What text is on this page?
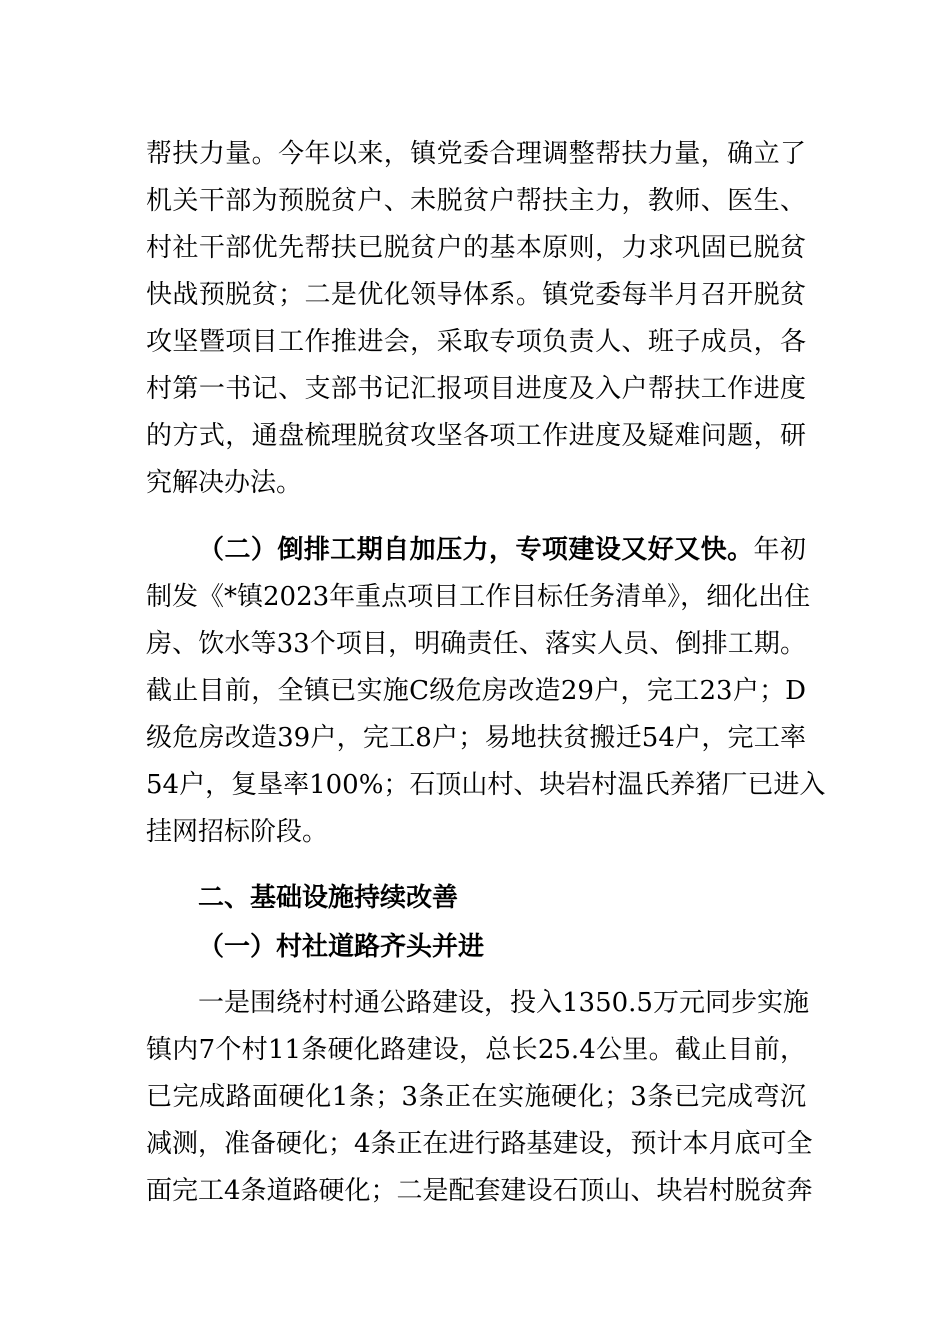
帮扶力量。今年以来，镇党委合理调整帮扶力量，确立了
机关干部为预脱贫户、未脱贫户帮扶主力，教师、医生、
村社干部优先帮扶已脱贫户的基本原则，力求巩固已脱贫
快战预脱贫；二是优化领导体系。镇党委每半月召开脱贫
攻坚暨项目工作推进会，采取专项负责人、班子成员，各
村第一书记、支部书记汇报项目进度及入户帮扶工作进度
的方式，通盘梳理脱贫攻坚各项工作进度及疑难问题，研
究解决办法。
（二）倒排工期自加压力，专项建设又好又快。年初
制发《*镇2023年重点项目工作目标任务清单》，细化出住
房、饮水等33个项目，明确责任、落实人员、倒排工期。
截止目前，全镇已实施C级危房改造29户，完工23户；D
级危房改造39户，完工8户；易地扶贫搬迁54户，完工率
54户，复垦率100%；石顶山村、块岩村温氏养猪厂已进入
挂网招标阶段。
二、基础设施持续改善
（一）村社道路齐头并进
一是围绕村村通公路建设，投入1350.5万元同步实施
镇内7个村11条硬化路建设，总长25.4公里。截止目前，
已完成路面硬化1条；3条正在实施硬化；3条已完成弯沉
减测，准备硬化；4条正在进行路基建设，预计本月底可全
面完工4条道路硬化；二是配套建设石顶山、块岩村脱贫奔
